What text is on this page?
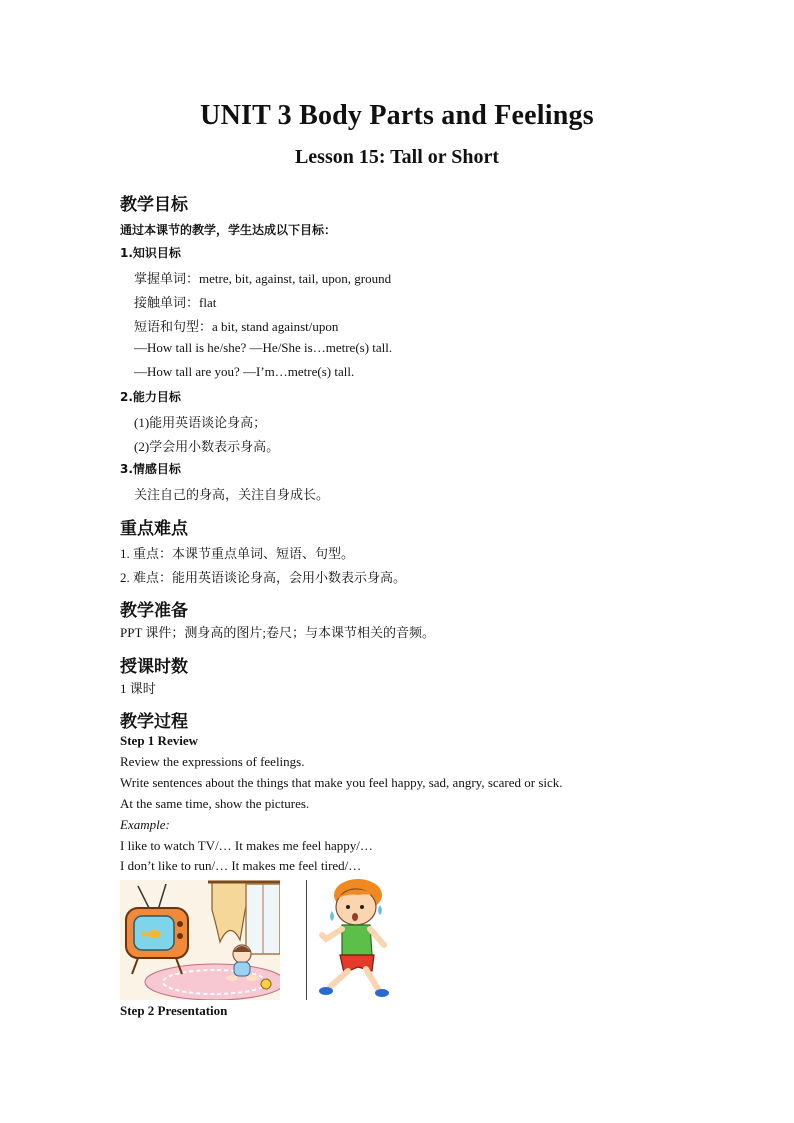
UNIT 3 Body Parts and Feelings
Lesson 15: Tall or Short
教学目标
通过本课节的教学，学生达成以下目标：
1.知识目标
掌握单词：metre, bit, against, tail, upon, ground
接触单词：flat
短语和句型：a bit, stand against/upon
—How tall is he/she? —He/She is…metre(s) tall.
—How tall are you? —I’m…metre(s) tall.
2.能力目标
(1)能用英语谈论身高；
(2)学会用小数表示身高。
3.情感目标
关注自己的身高，关注自身成长。
重点难点
1. 重点：本课节重点单词、短语、句型。
2. 难点：能用英语谈论身高，会用小数表示身高。
教学准备
PPT 课件；测身高的图片;卷尺；与本课节相关的音频。
授课时数
1 课时
教学过程
Step 1 Review
Review the expressions of feelings.
Write sentences about the things that make you feel happy, sad, angry, scared or sick.
At the same time, show the pictures.
Example:
I like to watch TV/… It makes me feel happy/…
I don’t like to run/… It makes me feel tired/…
Step 2 Presentation
